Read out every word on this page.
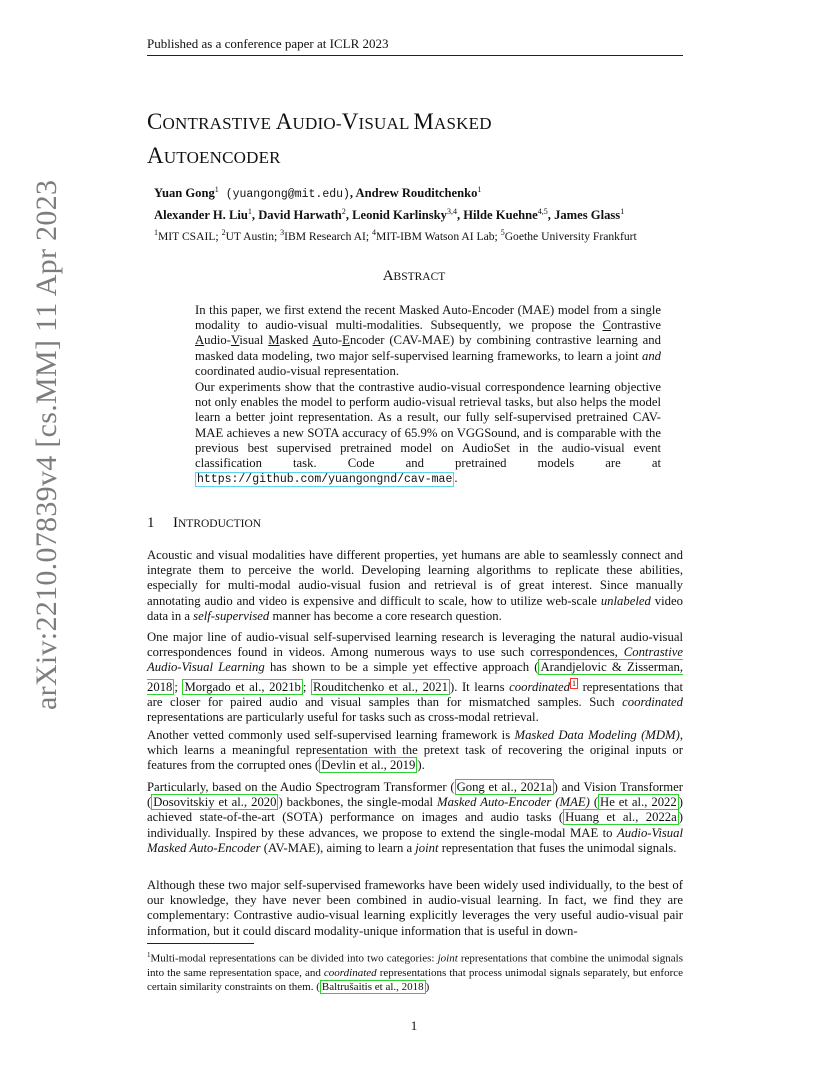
Published as a conference paper at ICLR 2023
CONTRASTIVE AUDIO-VISUAL MASKED
AUTOENCODER
Yuan Gong$^1$ (yuangong@mit.edu), Andrew Rouditchenko$^1$
Alexander H. Liu$^1$, David Harwath$^2$, Leonid Karlinsky$^{3,4}$, Hilde Kuehne$^{4,5}$, James Glass$^1$
$^1$MIT CSAIL; $^2$UT Austin; $^3$IBM Research AI; $^4$MIT-IBM Watson AI Lab; $^5$Goethe University Frankfurt
ABSTRACT
In this paper, we first extend the recent Masked Auto-Encoder (MAE) model from a single modality to audio-visual multi-modalities. Subsequently, we propose the Contrastive Audio-Visual Masked Auto-Encoder (CAV-MAE) by combining contrastive learning and masked data modeling, two major self-supervised learning frameworks, to learn a joint and coordinated audio-visual representation.
Our experiments show that the contrastive audio-visual correspondence learning objective not only enables the model to perform audio-visual retrieval tasks, but also helps the model learn a better joint representation. As a result, our fully self-supervised pretrained CAV-MAE achieves a new SOTA accuracy of 65.9% on VGGSound, and is comparable with the previous best supervised pretrained model on AudioSet in the audio-visual event classification task. Code and pretrained models are at https://github.com/yuangongnd/cav-mae .
1 INTRODUCTION
Acoustic and visual modalities have different properties, yet humans are able to seamlessly connect and integrate them to perceive the world. Developing learning algorithms to replicate these abilities, especially for multi-modal audio-visual fusion and retrieval is of great interest. Since manually annotating audio and video is expensive and difficult to scale, how to utilize web-scale unlabeled video data in a self-supervised manner has become a core research question.
One major line of audio-visual self-supervised learning research is leveraging the natural audio-visual correspondences found in videos. Among numerous ways to use such correspondences, Contrastive Audio-Visual Learning has shown to be a simple yet effective approach ( Arandjelovic & Zisserman, 2018 ; Morgado et al., 2021b ; Rouditchenko et al., 2021 ). It learns coordinated $^1$ representations that are closer for paired audio and visual samples than for mismatched samples. Such coordinated representations are particularly useful for tasks such as cross-modal retrieval.
Another vetted commonly used self-supervised learning framework is Masked Data Modeling (MDM), which learns a meaningful representation with the pretext task of recovering the original inputs or features from the corrupted ones ( Devlin et al., 2019 ).
Particularly, based on the Audio Spectrogram Transformer ( Gong et al., 2021a ) and Vision Transformer ( Dosovitskiy et al., 2020 ) backbones, the single-modal Masked Auto-Encoder (MAE) ( He et al., 2022 ) achieved state-of-the-art (SOTA) performance on images and audio tasks ( Huang et al., 2022a ) individually. Inspired by these advances, we propose to extend the single-modal MAE to Audio-Visual Masked Auto-Encoder (AV-MAE), aiming to learn a joint representation that fuses the unimodal signals.
Although these two major self-supervised frameworks have been widely used individually, to the best of our knowledge, they have never been combined in audio-visual learning. In fact, we find they are complementary: Contrastive audio-visual learning explicitly leverages the very useful audio-visual pair information, but it could discard modality-unique information that is useful in down-
$^1$Multi-modal representations can be divided into two categories: joint representations that combine the unimodal signals into the same representation space, and coordinated representations that process unimodal signals separately, but enforce certain similarity constraints on them. ( Baltrušaitis et al., 2018 )
1
arXiv:2210.07839v4 [cs.MM] 11 Apr 2023
